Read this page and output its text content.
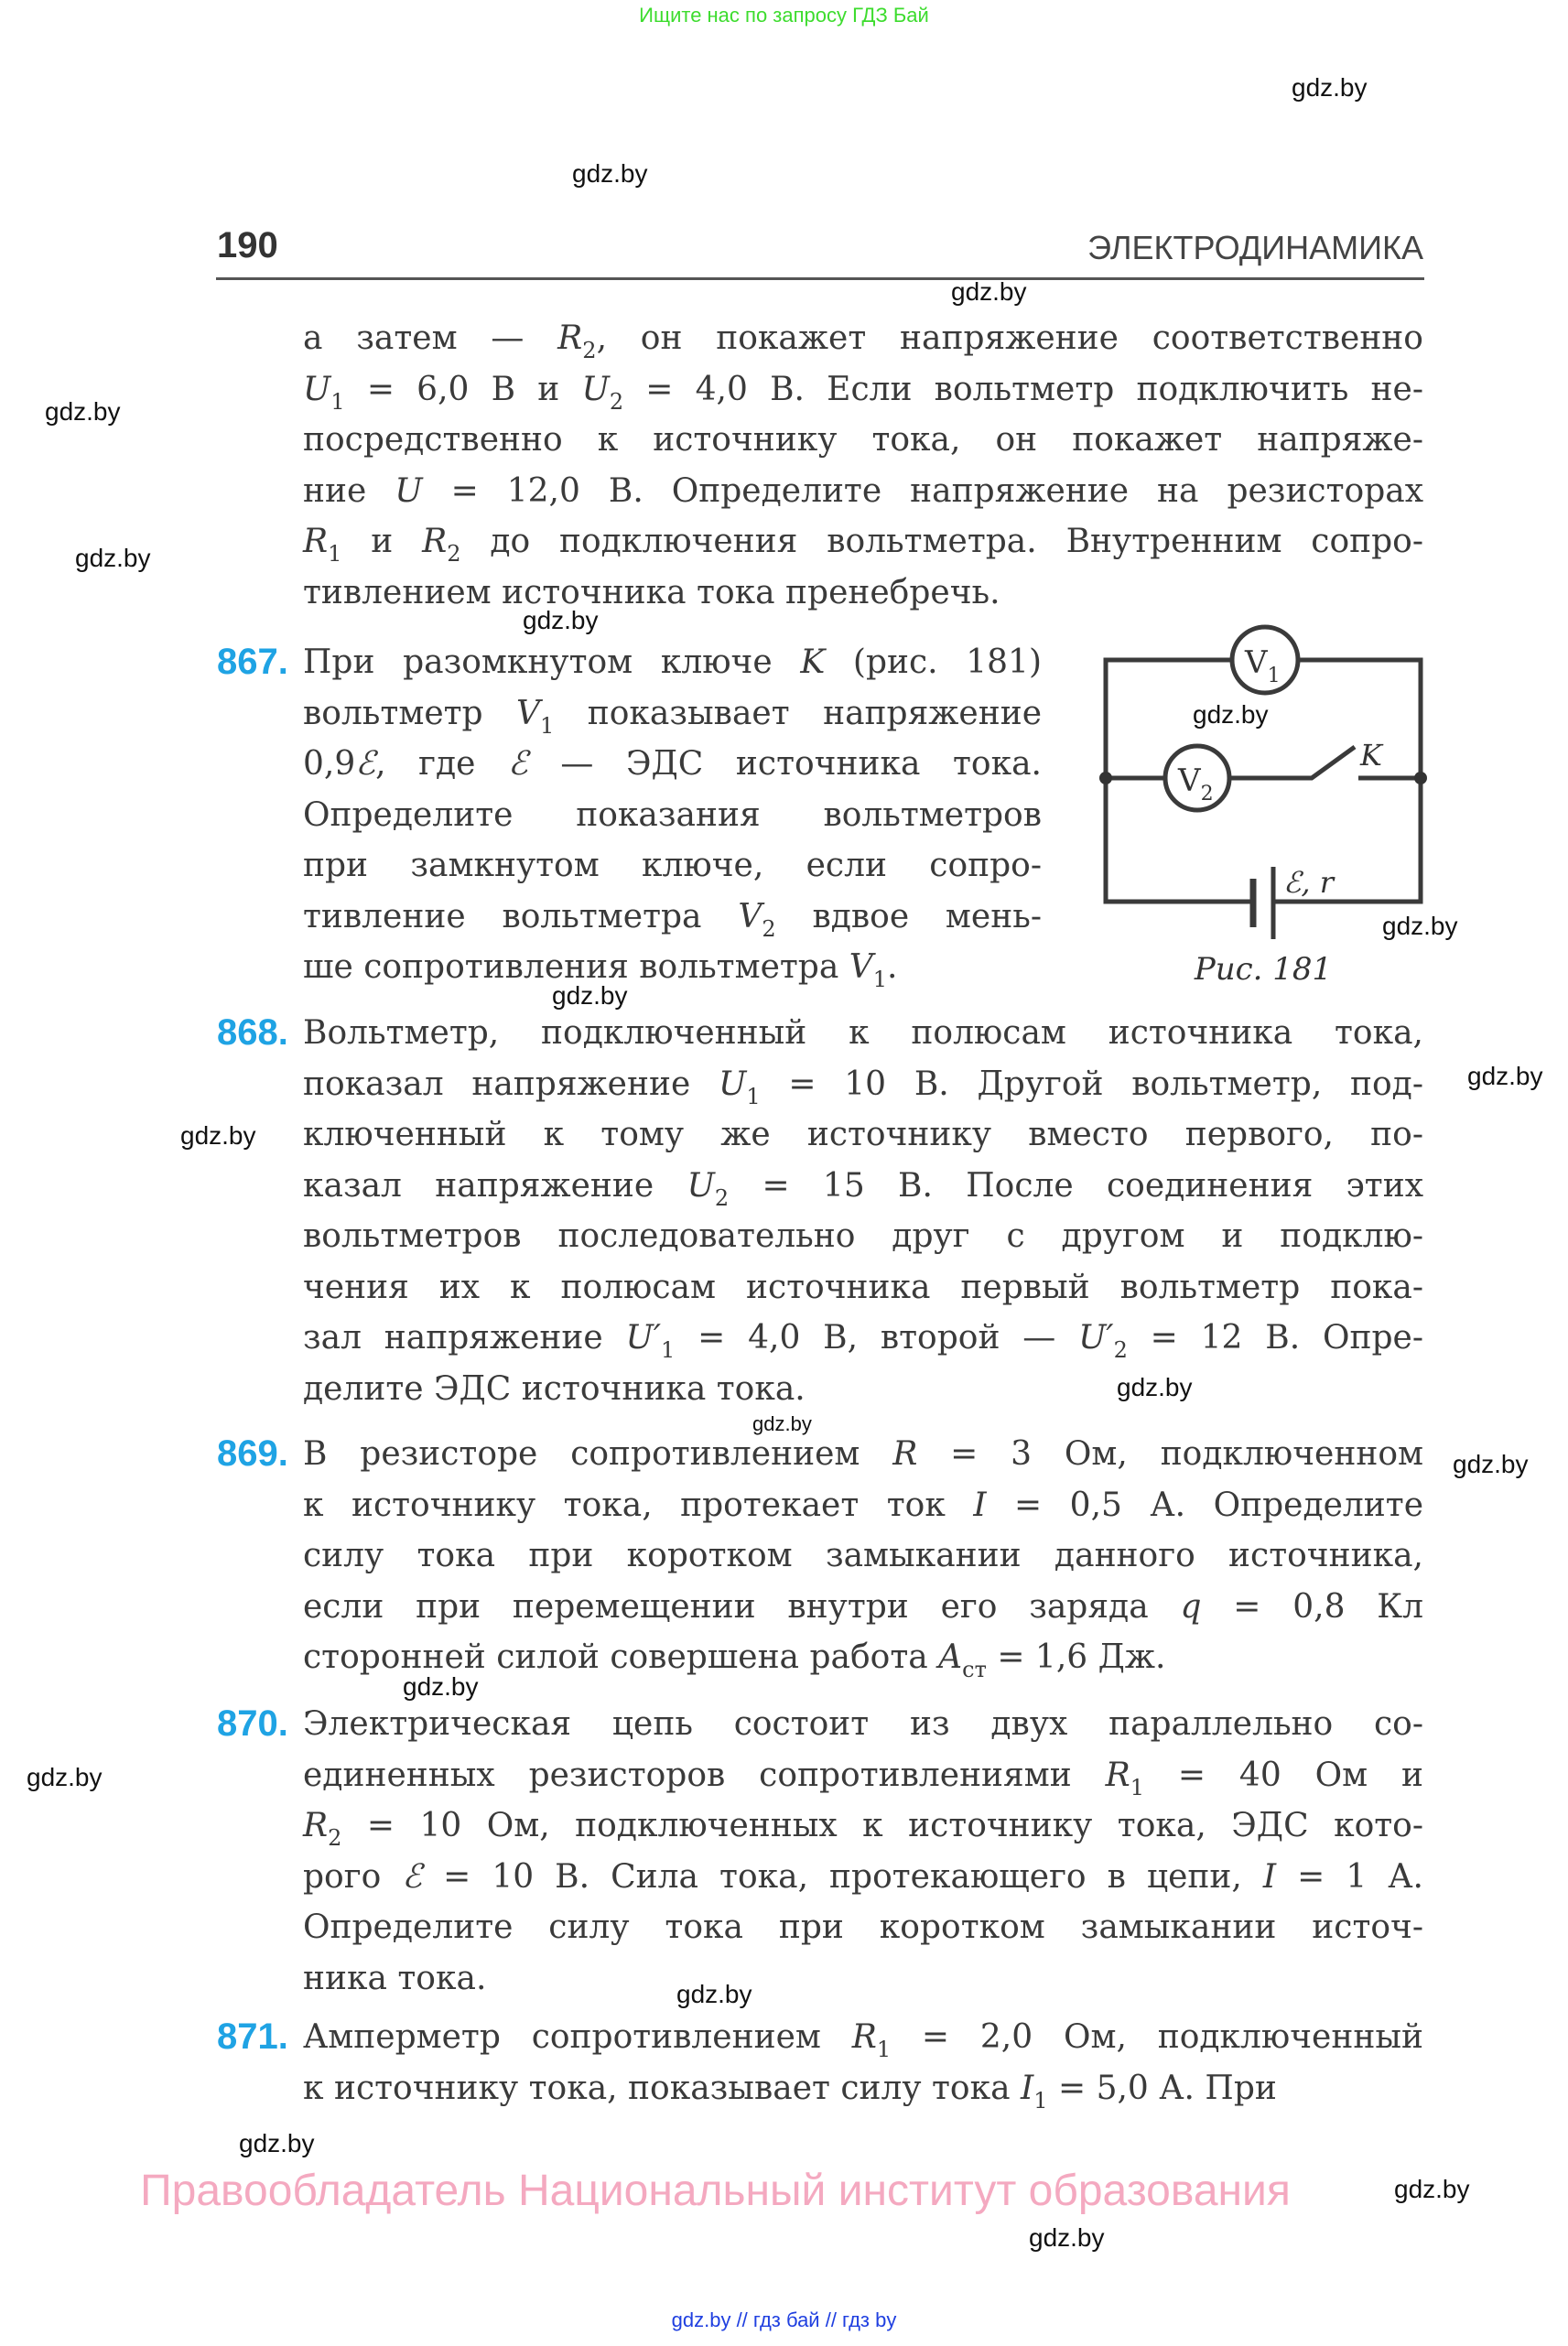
Ищите нас по запросу ГДЗ Бай
190	ЭЛЕКТРОДИНАМИКА
а затем — $R_2$, он покажет напряжение соответственно
$U_1 = 6,0$ В и $U_2 = 4,0$ В. Если вольтметр подключить не-
посредственно к источнику тока, он покажет напряже-
ние U = 12,0 В. Определите напряжение на резисторах
$R_1$ и $R_2$ до подключения вольтметра. Внутренним сопро-
тивлением источника тока пренебречь.
867. При разомкнутом ключе K (рис. 181)
вольтметр $V_1$ показывает напряжение
0,9ℰ, где ℰ — ЭДС источника тока.
Определите показания вольтметров
при замкнутом ключе, если сопро-
тивление вольтметра $V_2$ вдвое мень-
ше сопротивления вольтметра $V_1$.
868. Вольтметр, подключенный к полюсам источника тока,
показал напряжение $U_1 = 10$ В. Другой вольтметр, под-
ключенный к тому же источнику вместо первого, по-
казал напряжение $U_2 = 15$ В. После соединения этих
вольтметров последовательно друг с другом и подклю-
чения их к полюсам источника первый вольтметр пока-
зал напряжение $U'_1 = 4,0$ В, второй — $U'_2 = 12$ В. Опре-
делите ЭДС источника тока.
869. В резисторе сопротивлением R = 3 Ом, подключенном
к источнику тока, протекает ток I = 0,5 А. Определите
силу тока при коротком замыкании данного источника,
если при перемещении внутри его заряда q = 0,8 Кл
сторонней силой совершена работа $A_{ст} = 1,6$ Дж.
870. Электрическая цепь состоит из двух параллельно со-
единенных резисторов сопротивлениями $R_1 = 40$ Ом и
$R_2 = 10$ Ом, подключенных к источнику тока, ЭДС кото-
рого ℰ = 10 В. Сила тока, протекающего в цепи, I = 1 А.
Определите силу тока при коротком замыкании источ-
ника тока.
871. Амперметр сопротивлением $R_1 = 2,0$ Ом, подключенный
к источнику тока, показывает силу тока $I_1 = 5,0$ А. При
$V_1$
$V_2$
K
ℰ, r
Рис. 181
gdz.by
gdz.by
gdz.by
gdz.by
gdz.by
gdz.by
gdz.by
gdz.by
gdz.by
gdz.by
gdz.by
gdz.by
gdz.by
gdz.by
gdz.by
gdz.by
gdz.by
gdz.by
gdz.by
gdz.by
Правообладатель Национальный институт образования
gdz.by // гдз бай // гдз by
